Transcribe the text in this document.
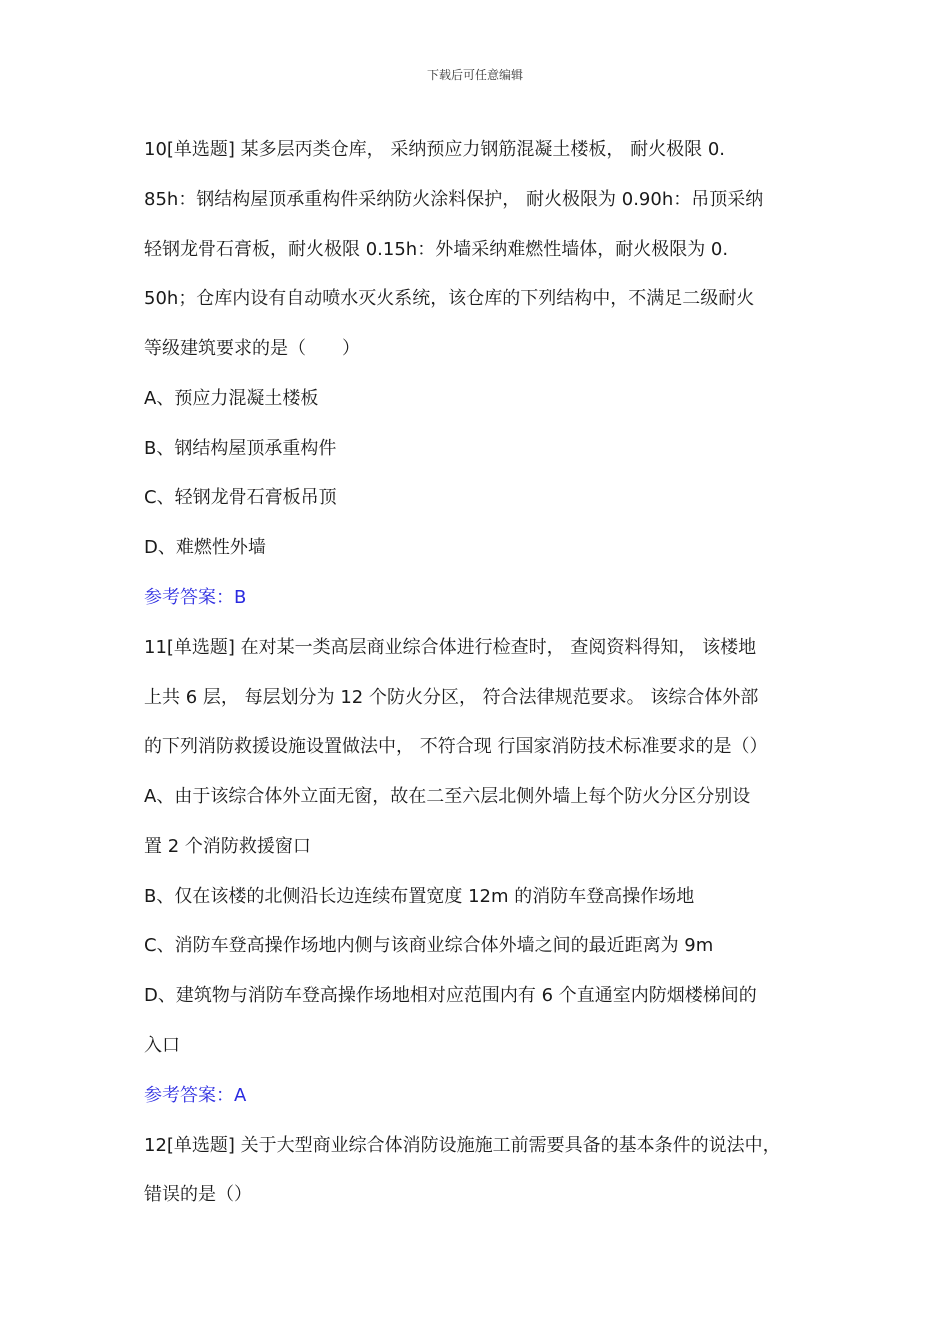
下载后可任意编辑
10[单选题] 某多层丙类仓库， 采纳预应力钢筋混凝土楼板， 耐火极限 0.
85h：钢结构屋顶承重构件采纳防火涂料保护， 耐火极限为 0.90h：吊顶采纳
轻钢龙骨石膏板，耐火极限 0.15h：外墙采纳难燃性墙体，耐火极限为 0.
50h；仓库内设有自动喷水灭火系统，该仓库的下列结构中，不满足二级耐火
等级建筑要求的是（　　）
A、预应力混凝土楼板
B、钢结构屋顶承重构件
C、轻钢龙骨石膏板吊顶
D、难燃性外墙
参考答案：B
11[单选题] 在对某一类高层商业综合体进行检查时， 查阅资料得知， 该楼地
上共 6 层， 每层划分为 12 个防火分区， 符合法律规范要求。 该综合体外部
的下列消防救援设施设置做法中， 不符合现 行国家消防技术标准要求的是（）
A、由于该综合体外立面无窗，故在二至六层北侧外墙上每个防火分区分别设
置 2 个消防救援窗口
B、仅在该楼的北侧沿长边连续布置宽度 12m 的消防车登高操作场地
C、消防车登高操作场地内侧与该商业综合体外墙之间的最近距离为 9m
D、建筑物与消防车登高操作场地相对应范围内有 6 个直通室内防烟楼梯间的
入口
参考答案：A
12[单选题] 关于大型商业综合体消防设施施工前需要具备的基本条件的说法中，
错误的是（）
